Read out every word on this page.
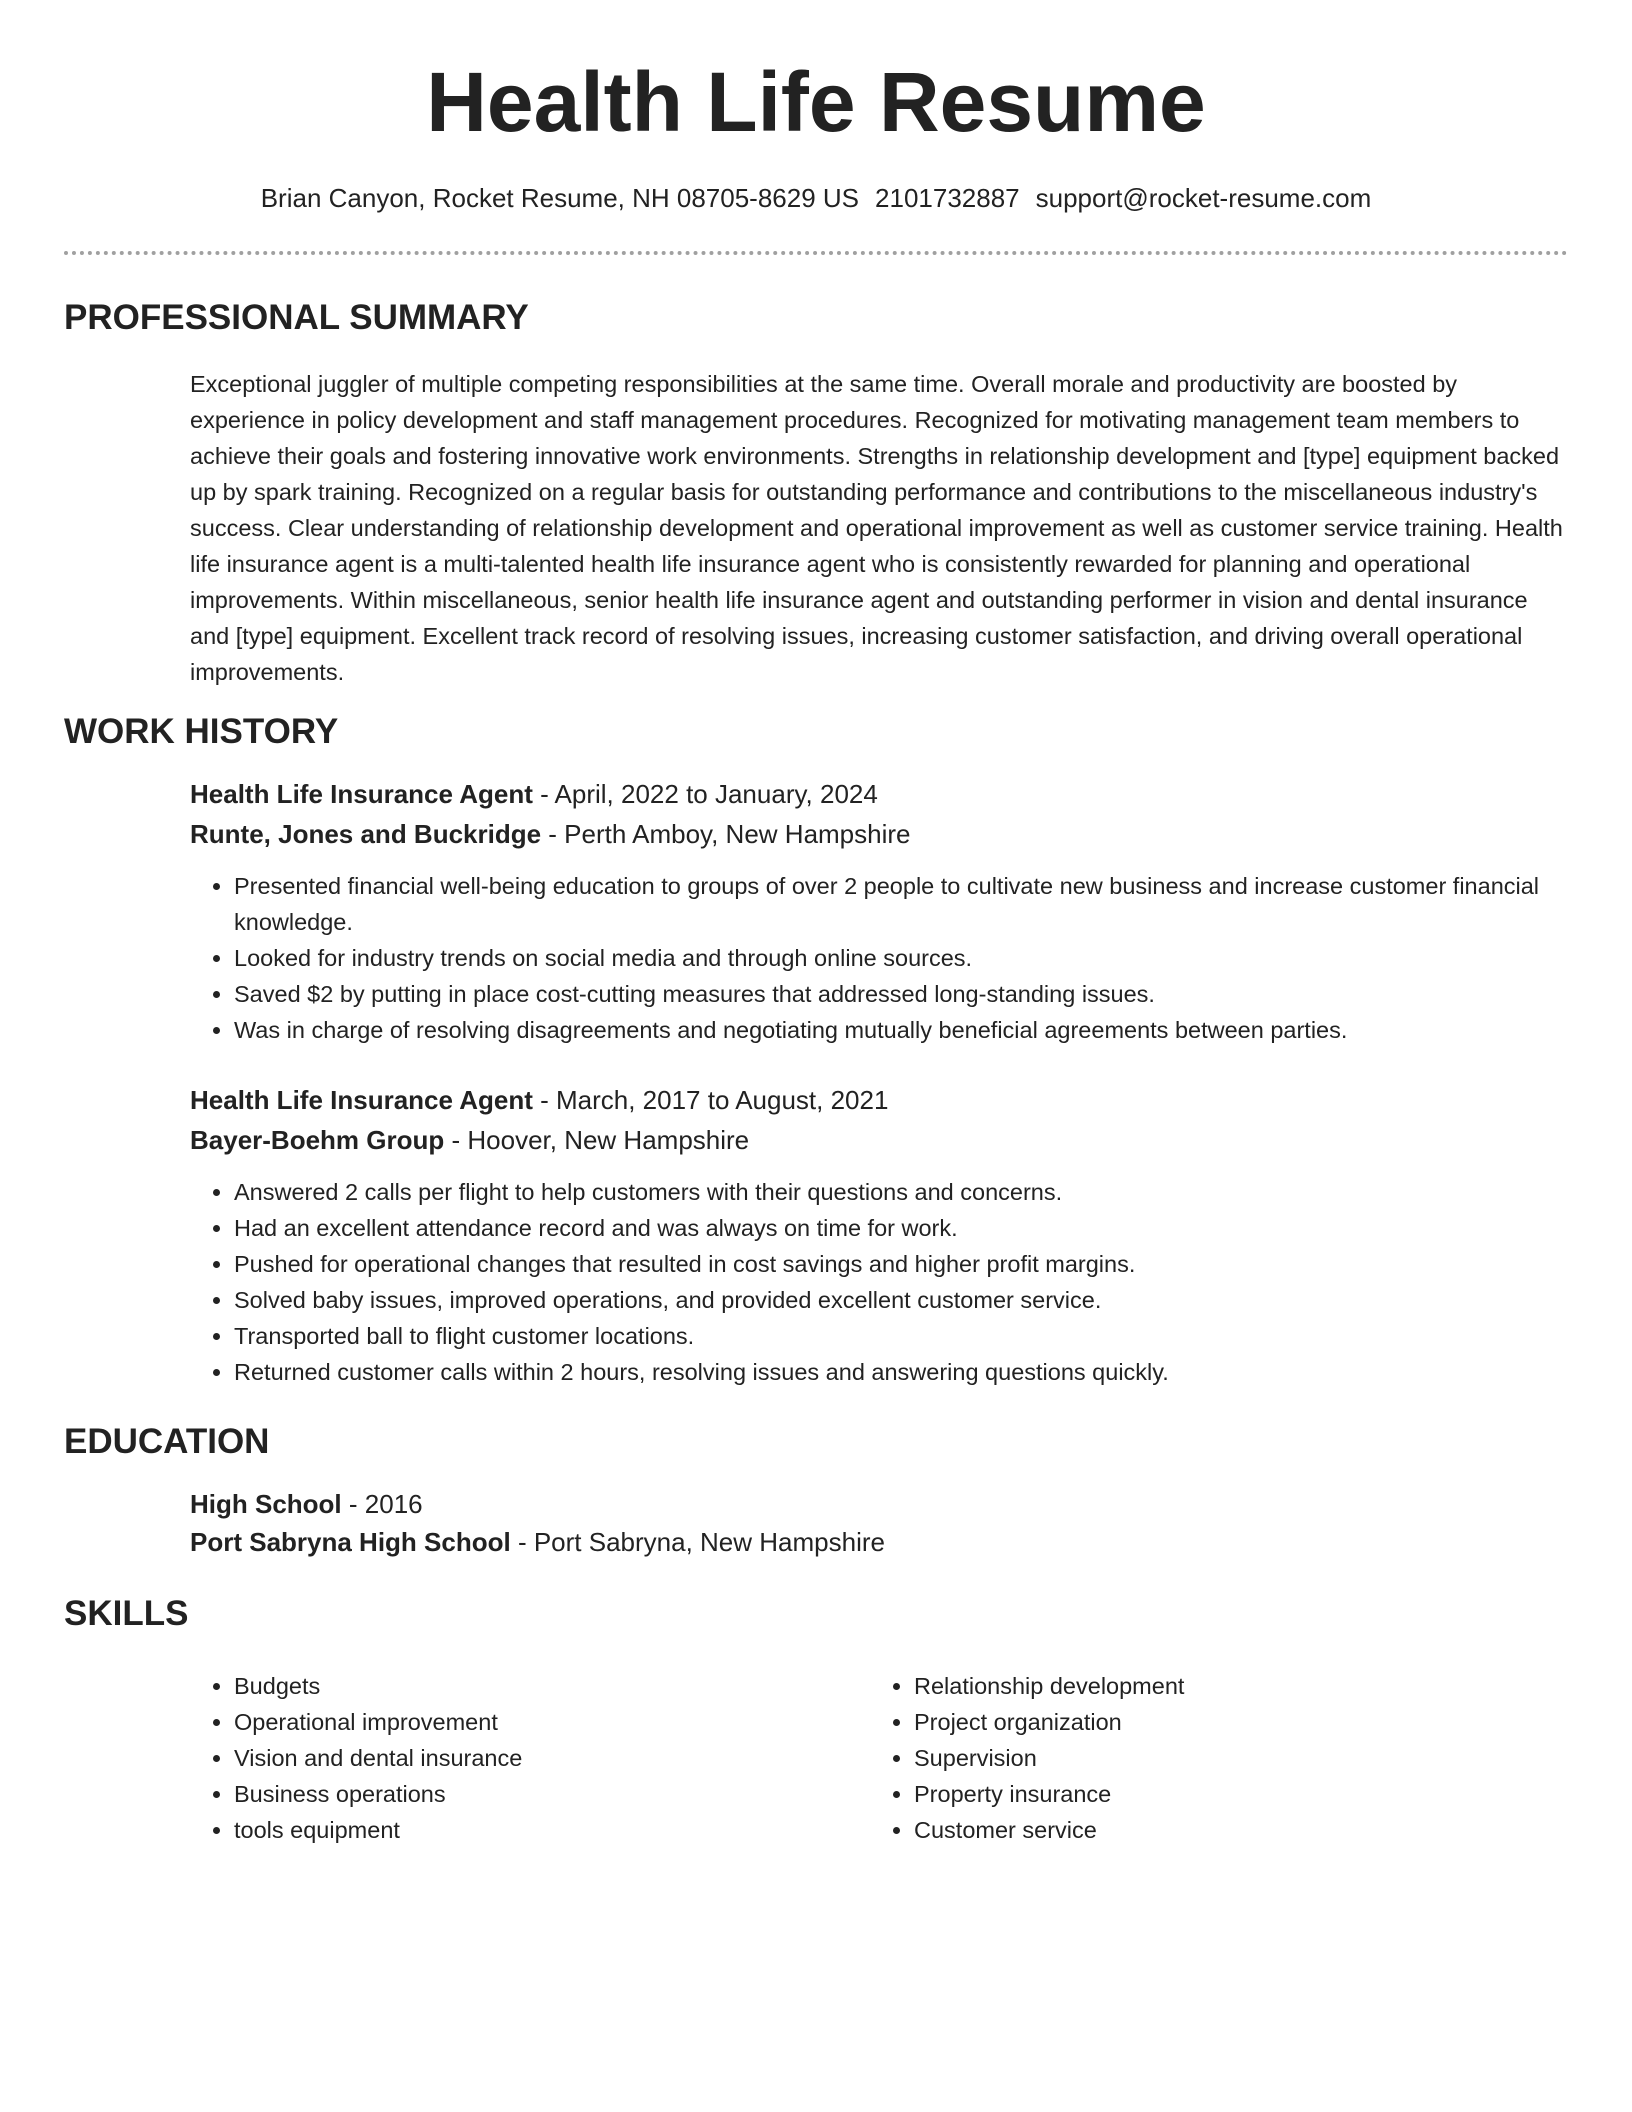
Health Life Resume
Brian Canyon, Rocket Resume, NH 08705-8629 US 2101732887 support@rocket-resume.com
PROFESSIONAL SUMMARY

Exceptional juggler of multiple competing responsibilities at the same time. Overall morale and productivity are boosted by experience in policy development and staff management procedures. Recognized for motivating management team members to achieve their goals and fostering innovative work environments. Strengths in relationship development and [type] equipment backed up by spark training. Recognized on a regular basis for outstanding performance and contributions to the miscellaneous industry's success. Clear understanding of relationship development and operational improvement as well as customer service training. Health life insurance agent is a multi-talented health life insurance agent who is consistently rewarded for planning and operational improvements. Within miscellaneous, senior health life insurance agent and outstanding performer in vision and dental insurance and [type] equipment. Excellent track record of resolving issues, increasing customer satisfaction, and driving overall operational improvements.

WORK HISTORY
Health Life Insurance Agent - April, 2022 to January, 2024
Runte, Jones and Buckridge - Perth Amboy, New Hampshire
• Presented financial well-being education to groups of over 2 people to cultivate new business and increase customer financial knowledge.
• Looked for industry trends on social media and through online sources.
• Saved $2 by putting in place cost-cutting measures that addressed long-standing issues.
• Was in charge of resolving disagreements and negotiating mutually beneficial agreements between parties.
Health Life Insurance Agent - March, 2017 to August, 2021
Bayer-Boehm Group - Hoover, New Hampshire
• Answered 2 calls per flight to help customers with their questions and concerns.
• Had an excellent attendance record and was always on time for work.
• Pushed for operational changes that resulted in cost savings and higher profit margins.
• Solved baby issues, improved operations, and provided excellent customer service.
• Transported ball to flight customer locations.
• Returned customer calls within 2 hours, resolving issues and answering questions quickly.
EDUCATION
High School - 2016
Port Sabryna High School - Port Sabryna, New Hampshire
SKILLS
• Budgets
• Operational improvement
• Vision and dental insurance
• Business operations
• tools equipment
• Relationship development
• Project organization
• Supervision
• Property insurance
• Customer service
